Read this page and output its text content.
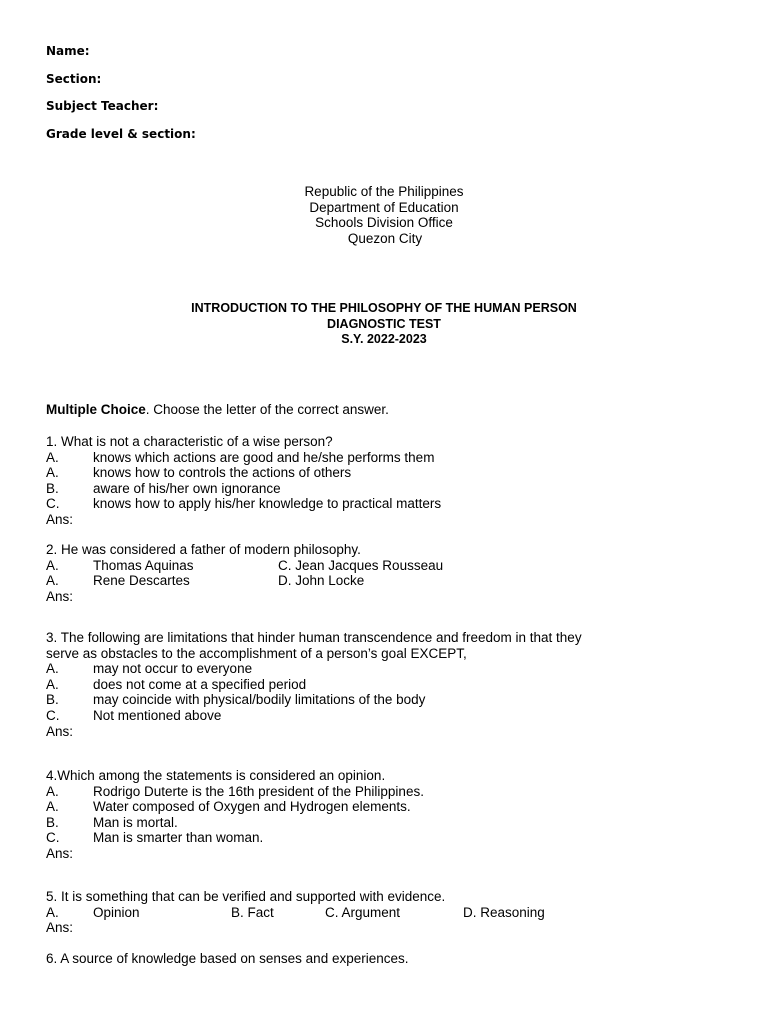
Name:
Section:
Subject Teacher:
Grade level & section:
Republic of the Philippines
Department of Education
Schools Division Office
Quezon City
INTRODUCTION TO THE PHILOSOPHY OF THE HUMAN PERSON
DIAGNOSTIC TEST
S.Y. 2022-2023
Multiple Choice. Choose the letter of the correct answer.
1. What is not a characteristic of a wise person?
A.	knows which actions are good and he/she performs them
A.	knows how to controls the actions of others
B.	aware of his/her own ignorance
C. knows how to apply his/her knowledge to practical matters
Ans:
2. He was considered a father of modern philosophy.
A.	Thomas Aquinas	C. Jean Jacques Rousseau
A.	Rene Descartes	D. John Locke
Ans:
3. The following are limitations that hinder human transcendence and freedom in that they
serve as obstacles to the accomplishment of a person’s goal EXCEPT,
A.	may not occur to everyone
A.	does not come at a specified period
B.	may coincide with physical/bodily limitations of the body
C. Not mentioned above
Ans:
4.Which among the statements is considered an opinion.
A.	Rodrigo Duterte is the 16th president of the Philippines.
A.	Water composed of Oxygen and Hydrogen elements.
B.	Man is mortal.
C. Man is smarter than woman.
Ans:
5. It is something that can be verified and supported with evidence.
A.	Opinion	B. Fact	C. Argument	D. Reasoning
Ans:
6. A source of knowledge based on senses and experiences.
